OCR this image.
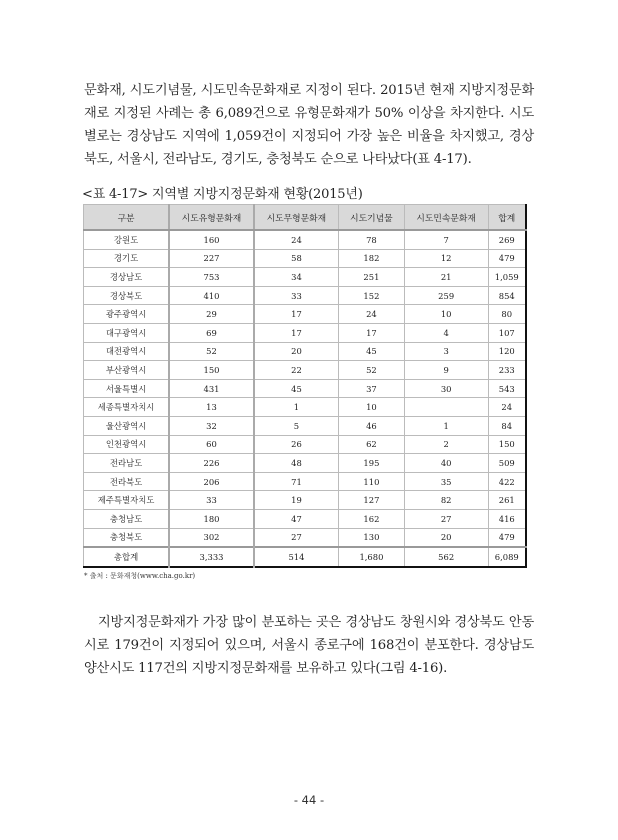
문화재, 시도기념물, 시도민속문화재로 지정이 된다. 2015년 현재 지방지정문화재로 지정된 사례는 총 6,089건으로 유형문화재가 50% 이상을 차지한다. 시도별로는 경상남도 지역에 1,059건이 지정되어 가장 높은 비율을 차지했고, 경상북도, 서울시, 전라남도, 경기도, 충청북도 순으로 나타났다(표 4-17).

<표 4-17> 지역별 지방지정문화재 현황(2015년)
구분	시도유형문화재	시도무형문화재	시도기념물	시도민속문화재	합계
강원도	160	24	78	7	269
경기도	227	58	182	12	479
경상남도	753	34	251	21	1,059
경상북도	410	33	152	259	854
광주광역시	29	17	24	10	80
대구광역시	69	17	17	4	107
대전광역시	52	20	45	3	120
부산광역시	150	22	52	9	233
서울특별시	431	45	37	30	543
세종특별자치시	13	1	10		24
울산광역시	32	5	46	1	84
인천광역시	60	26	62	2	150
전라남도	226	48	195	40	509
전라북도	206	71	110	35	422
제주특별자치도	33	19	127	82	261
충청남도	180	47	162	27	416
충청북도	302	27	130	20	479
총합계	3,333	514	1,680	562	6,089
* 출처 : 문화재청(www.cha.go.kr)

지방지정문화재가 가장 많이 분포하는 곳은 경상남도 창원시와 경상북도 안동시로 179건이 지정되어 있으며, 서울시 종로구에 168건이 분포한다. 경상남도 양산시도 117건의 지방지정문화재를 보유하고 있다(그림 4-16).

- 44 -
